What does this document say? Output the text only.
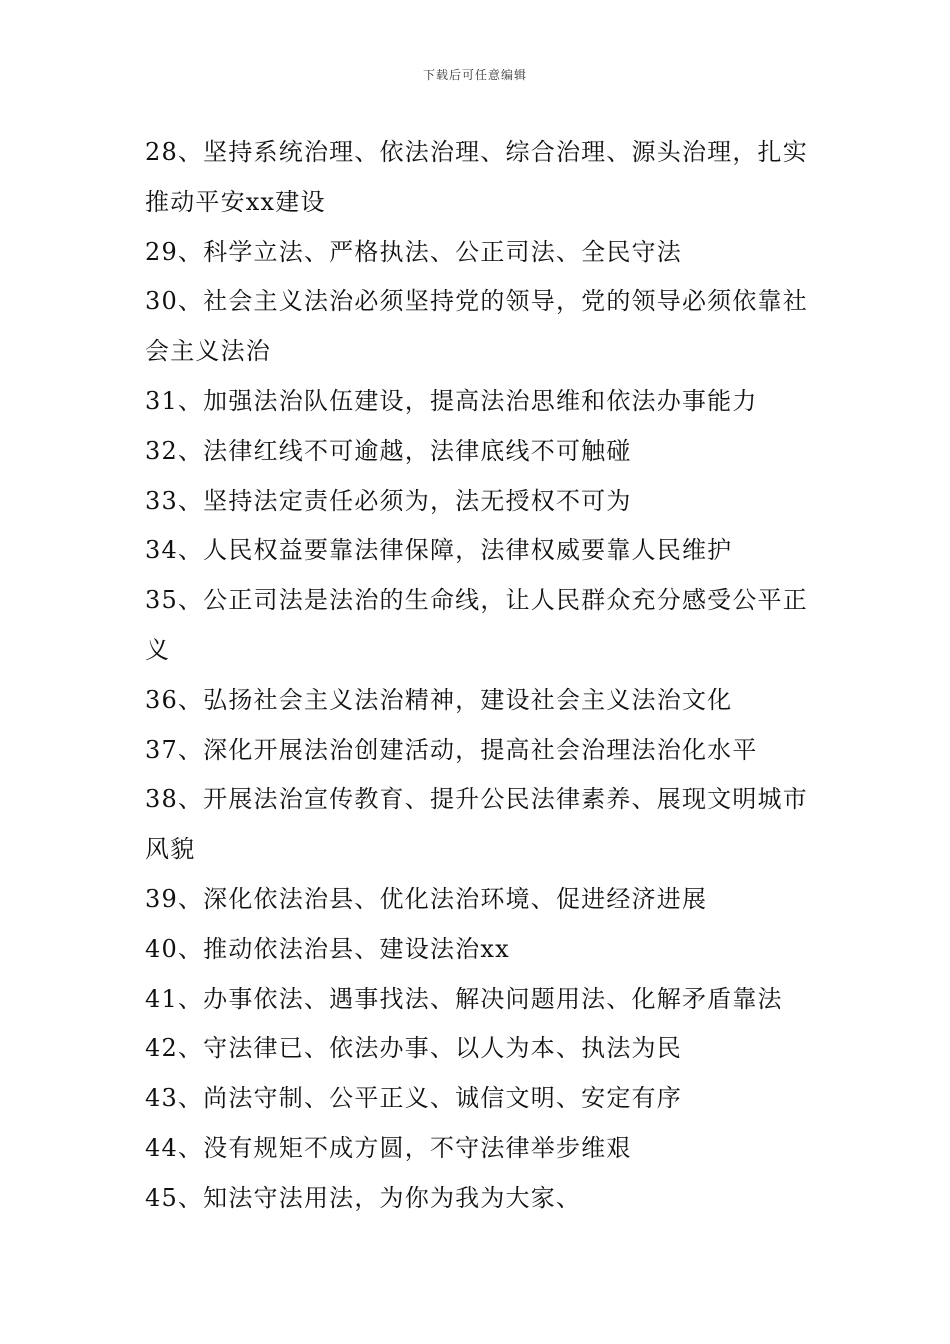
下载后可任意编辑
28、坚持系统治理、依法治理、综合治理、源头治理，扎实推动平安xx建设
29、科学立法、严格执法、公正司法、全民守法
30、社会主义法治必须坚持党的领导，党的领导必须依靠社会主义法治
31、加强法治队伍建设，提高法治思维和依法办事能力
32、法律红线不可逾越，法律底线不可触碰
33、坚持法定责任必须为，法无授权不可为
34、人民权益要靠法律保障，法律权威要靠人民维护
35、公正司法是法治的生命线，让人民群众充分感受公平正义
36、弘扬社会主义法治精神，建设社会主义法治文化
37、深化开展法治创建活动，提高社会治理法治化水平
38、开展法治宣传教育、提升公民法律素养、展现文明城市风貌
39、深化依法治县、优化法治环境、促进经济进展
40、推动依法治县、建设法治xx
41、办事依法、遇事找法、解决问题用法、化解矛盾靠法
42、守法律已、依法办事、以人为本、执法为民
43、尚法守制、公平正义、诚信文明、安定有序
44、没有规矩不成方圆，不守法律举步维艰
45、知法守法用法，为你为我为大家、
